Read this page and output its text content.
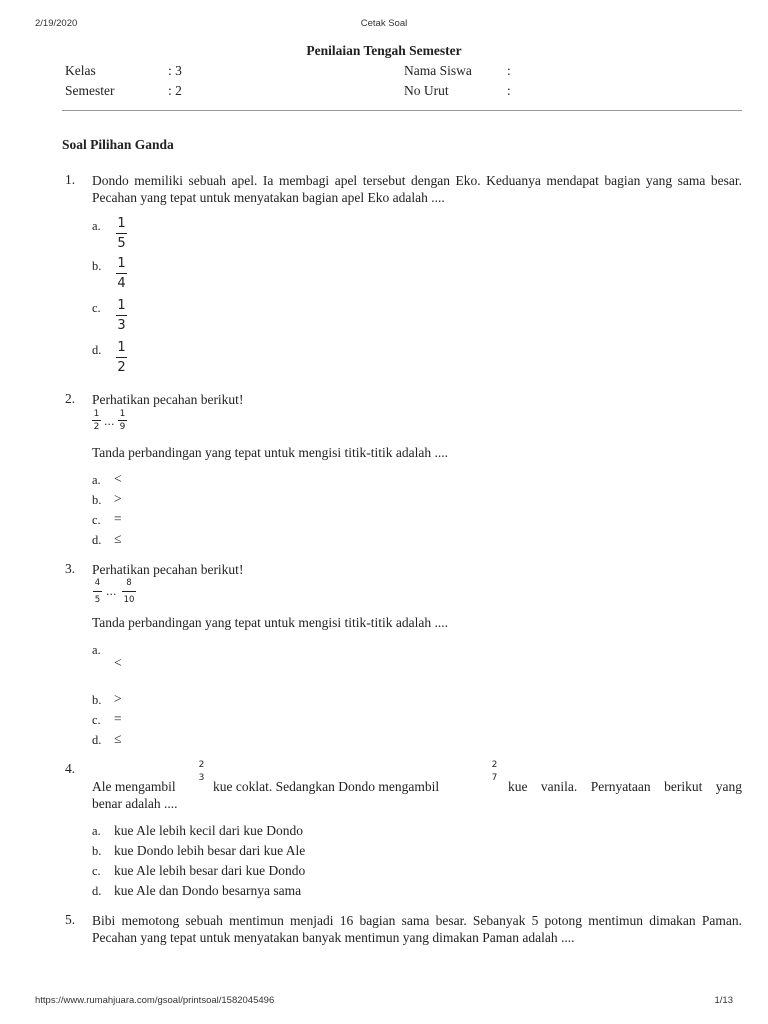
2/19/2020	Cetak Soal
Penilaian Tengah Semester
Kelas	: 3
Semester	: 2
Nama Siswa	:
No Urut	:
Soal Pilihan Ganda
1. Dondo memiliki sebuah apel. Ia membagi apel tersebut dengan Eko. Keduanya mendapat bagian yang sama besar. Pecahan yang tepat untuk menyatakan bagian apel Eko adalah ....
a. 1
5
b. 1
4
c. 1
3
d. 1
2
2. Perhatikan pecahan berikut!
1
2 ...
1
9
Tanda perbandingan yang tepat untuk mengisi titik-titik adalah ....
a. <
b. >
c. =
d. ≤
3. Perhatikan pecahan berikut!
4
5
...
8
10
Tanda perbandingan yang tepat untuk mengisi titik-titik adalah ....
a.
<
b. >
c. =
d. ≤
4.
Ale mengambil
2
3
kue coklat. Sedangkan Dondo mengambil
2
7
kue vanila. Pernyataan berikut yang
benar adalah ....
a. kue Ale lebih kecil dari kue Dondo
b. kue Dondo lebih besar dari kue Ale
c. kue Ale lebih besar dari kue Dondo
d. kue Ale dan Dondo besarnya sama
5. Bibi memotong sebuah mentimun menjadi 16 bagian sama besar. Sebanyak 5 potong mentimun dimakan Paman. Pecahan yang tepat untuk menyatakan banyak mentimun yang dimakan Paman adalah ....
https://www.rumahjuara.com/gsoal/printsoal/1582045496	1/13
